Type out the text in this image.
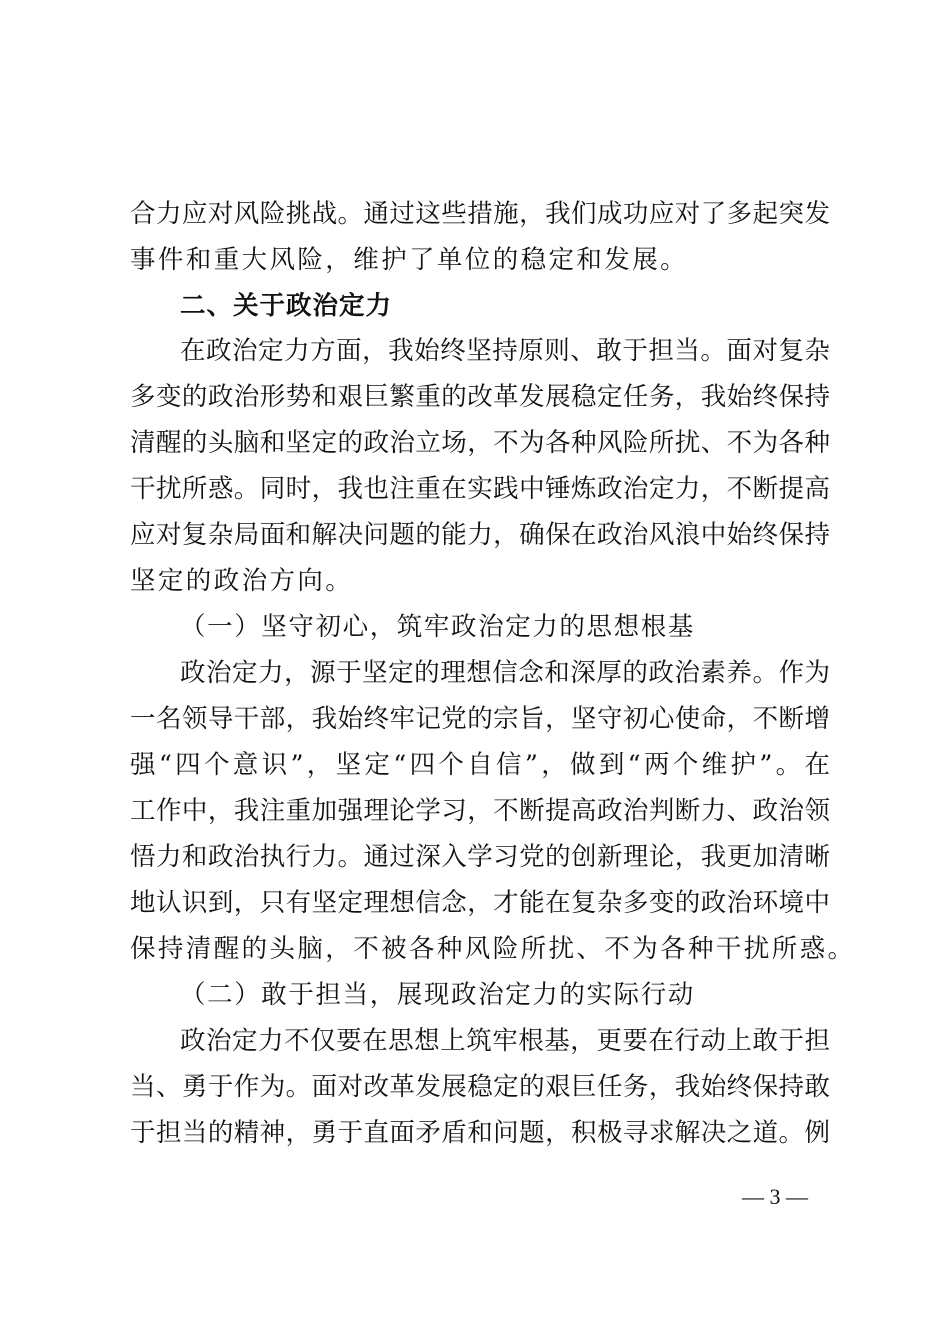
合力应对风险挑战。通过这些措施，我们成功应对了多起突发
事件和重大风险，维护了单位的稳定和发展。
二、关于政治定力
在政治定力方面，我始终坚持原则、敢于担当。面对复杂
多变的政治形势和艰巨繁重的改革发展稳定任务，我始终保持
清醒的头脑和坚定的政治立场，不为各种风险所扰、不为各种
干扰所惑。同时，我也注重在实践中锤炼政治定力，不断提高
应对复杂局面和解决问题的能力，确保在政治风浪中始终保持
坚定的政治方向。
（一）坚守初心，筑牢政治定力的思想根基
政治定力，源于坚定的理想信念和深厚的政治素养。作为
一名领导干部，我始终牢记党的宗旨，坚守初心使命，不断增
强“四个意识”，坚定“四个自信”，做到“两个维护”。在
工作中，我注重加强理论学习，不断提高政治判断力、政治领
悟力和政治执行力。通过深入学习党的创新理论，我更加清晰
地认识到，只有坚定理想信念，才能在复杂多变的政治环境中
保持清醒的头脑，不被各种风险所扰、不为各种干扰所惑。
（二）敢于担当，展现政治定力的实际行动
政治定力不仅要在思想上筑牢根基，更要在行动上敢于担
当、勇于作为。面对改革发展稳定的艰巨任务，我始终保持敢
于担当的精神，勇于直面矛盾和问题，积极寻求解决之道。例
— 3 —
